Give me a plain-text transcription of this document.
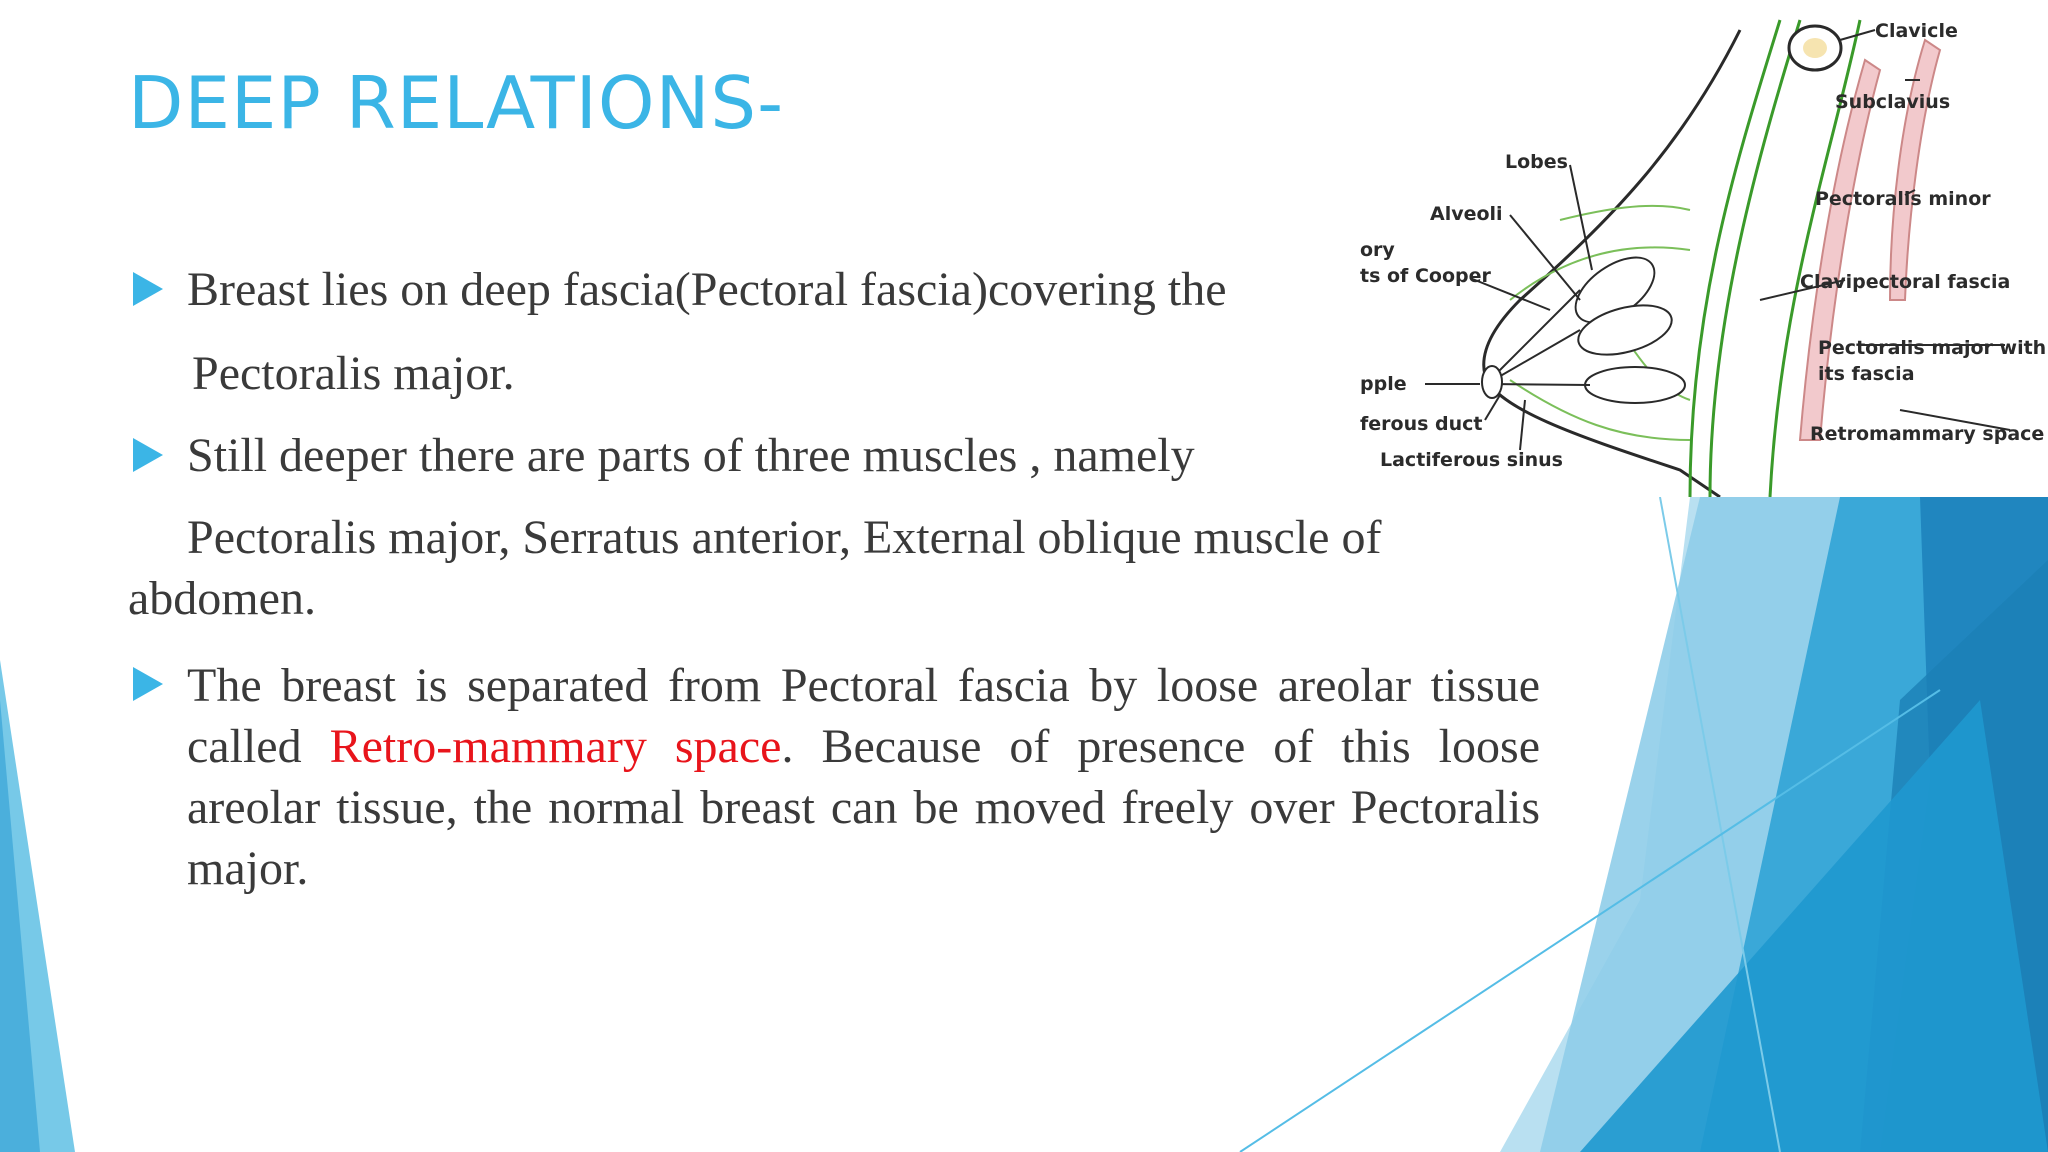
DEEP RELATIONS-

Breast lies on deep fascia(Pectoral fascia)covering the

Pectoralis major.

Still deeper there are parts of three muscles , namely

Pectoralis major, Serratus anterior, External oblique muscle of abdomen.

The breast is separated from Pectoral fascia by loose areolar tissue called Retro-mammary space. Because of presence of this loose areolar tissue, the normal breast can be moved freely over Pectoralis major.

Clavicle
Subclavius
Pectoralis minor
Lobes
Alveoli
ory
ts of Cooper	Clavipectoral fascia
Pectoralis major with
its fascia
pple
ferous duct	Retromammary space
Lactiferous sinus
